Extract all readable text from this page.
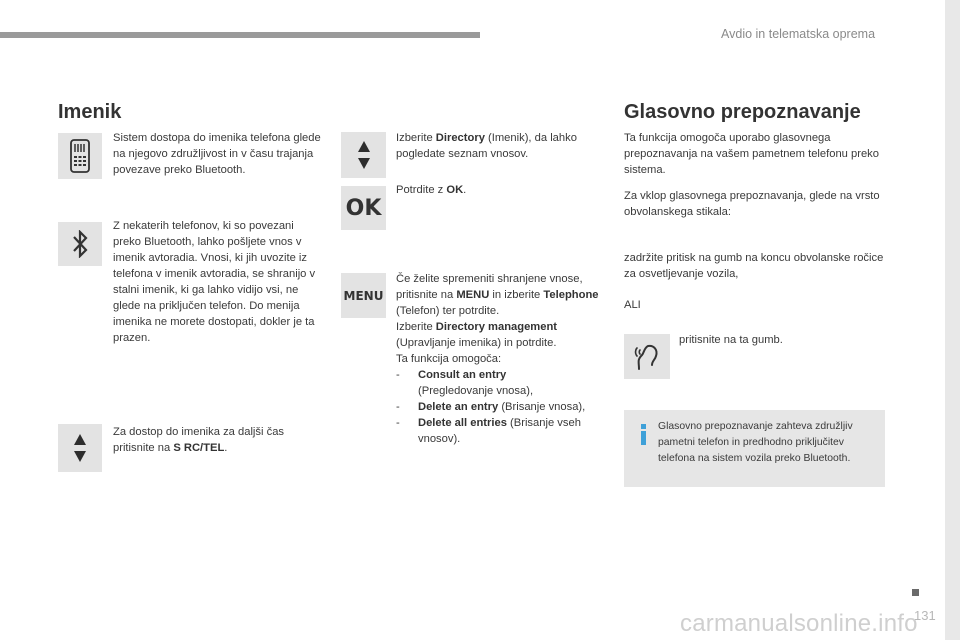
Avdio in telematska oprema
Imenik

Sistem dostopa do imenika telefona glede na njegovo združljivost in v času trajanja povezave preko Bluetooth.

Z nekaterih telefonov, ki so povezani preko Bluetooth, lahko pošljete vnos v imenik avtoradia. Vnosi, ki jih uvozite iz telefona v imenik avtoradia, se shranijo v stalni imenik, ki ga lahko vidijo vsi, ne glede na priključen telefon. Do menija imenika ne morete dostopati, dokler je ta prazen.

Za dostop do imenika za daljši čas pritisnite na S RC/TEL.

Izberite Directory (Imenik), da lahko pogledate seznam vnosov.

OK

Potrdite z OK.

MENU
Če želite spremeniti shranjene vnose, pritisnite na MENU in izberite Telephone (Telefon) ter potrdite.
Izberite Directory management (Upravljanje imenika) in potrdite.
Ta funkcija omogoča:
- Consult an entry
(Pregledovanje vnosa),
- Delete an entry (Brisanje vnosa),
- Delete all entries (Brisanje vseh vnosov).
Glasovno prepoznavanje

Ta funkcija omogoča uporabo glasovnega prepoznavanja na vašem pametnem telefonu preko sistema.

Za vklop glasovnega prepoznavanja, glede na vrsto obvolanskega stikala:

zadržite pritisk na gumb na koncu obvolanske ročice za osvetljevanje vozila,

ALI

pritisnite na ta gumb.

Glasovno prepoznavanje zahteva združljiv pametni telefon in predhodno priključitev telefona na sistem vozila preko Bluetooth.

131
carmanualsonline.info
